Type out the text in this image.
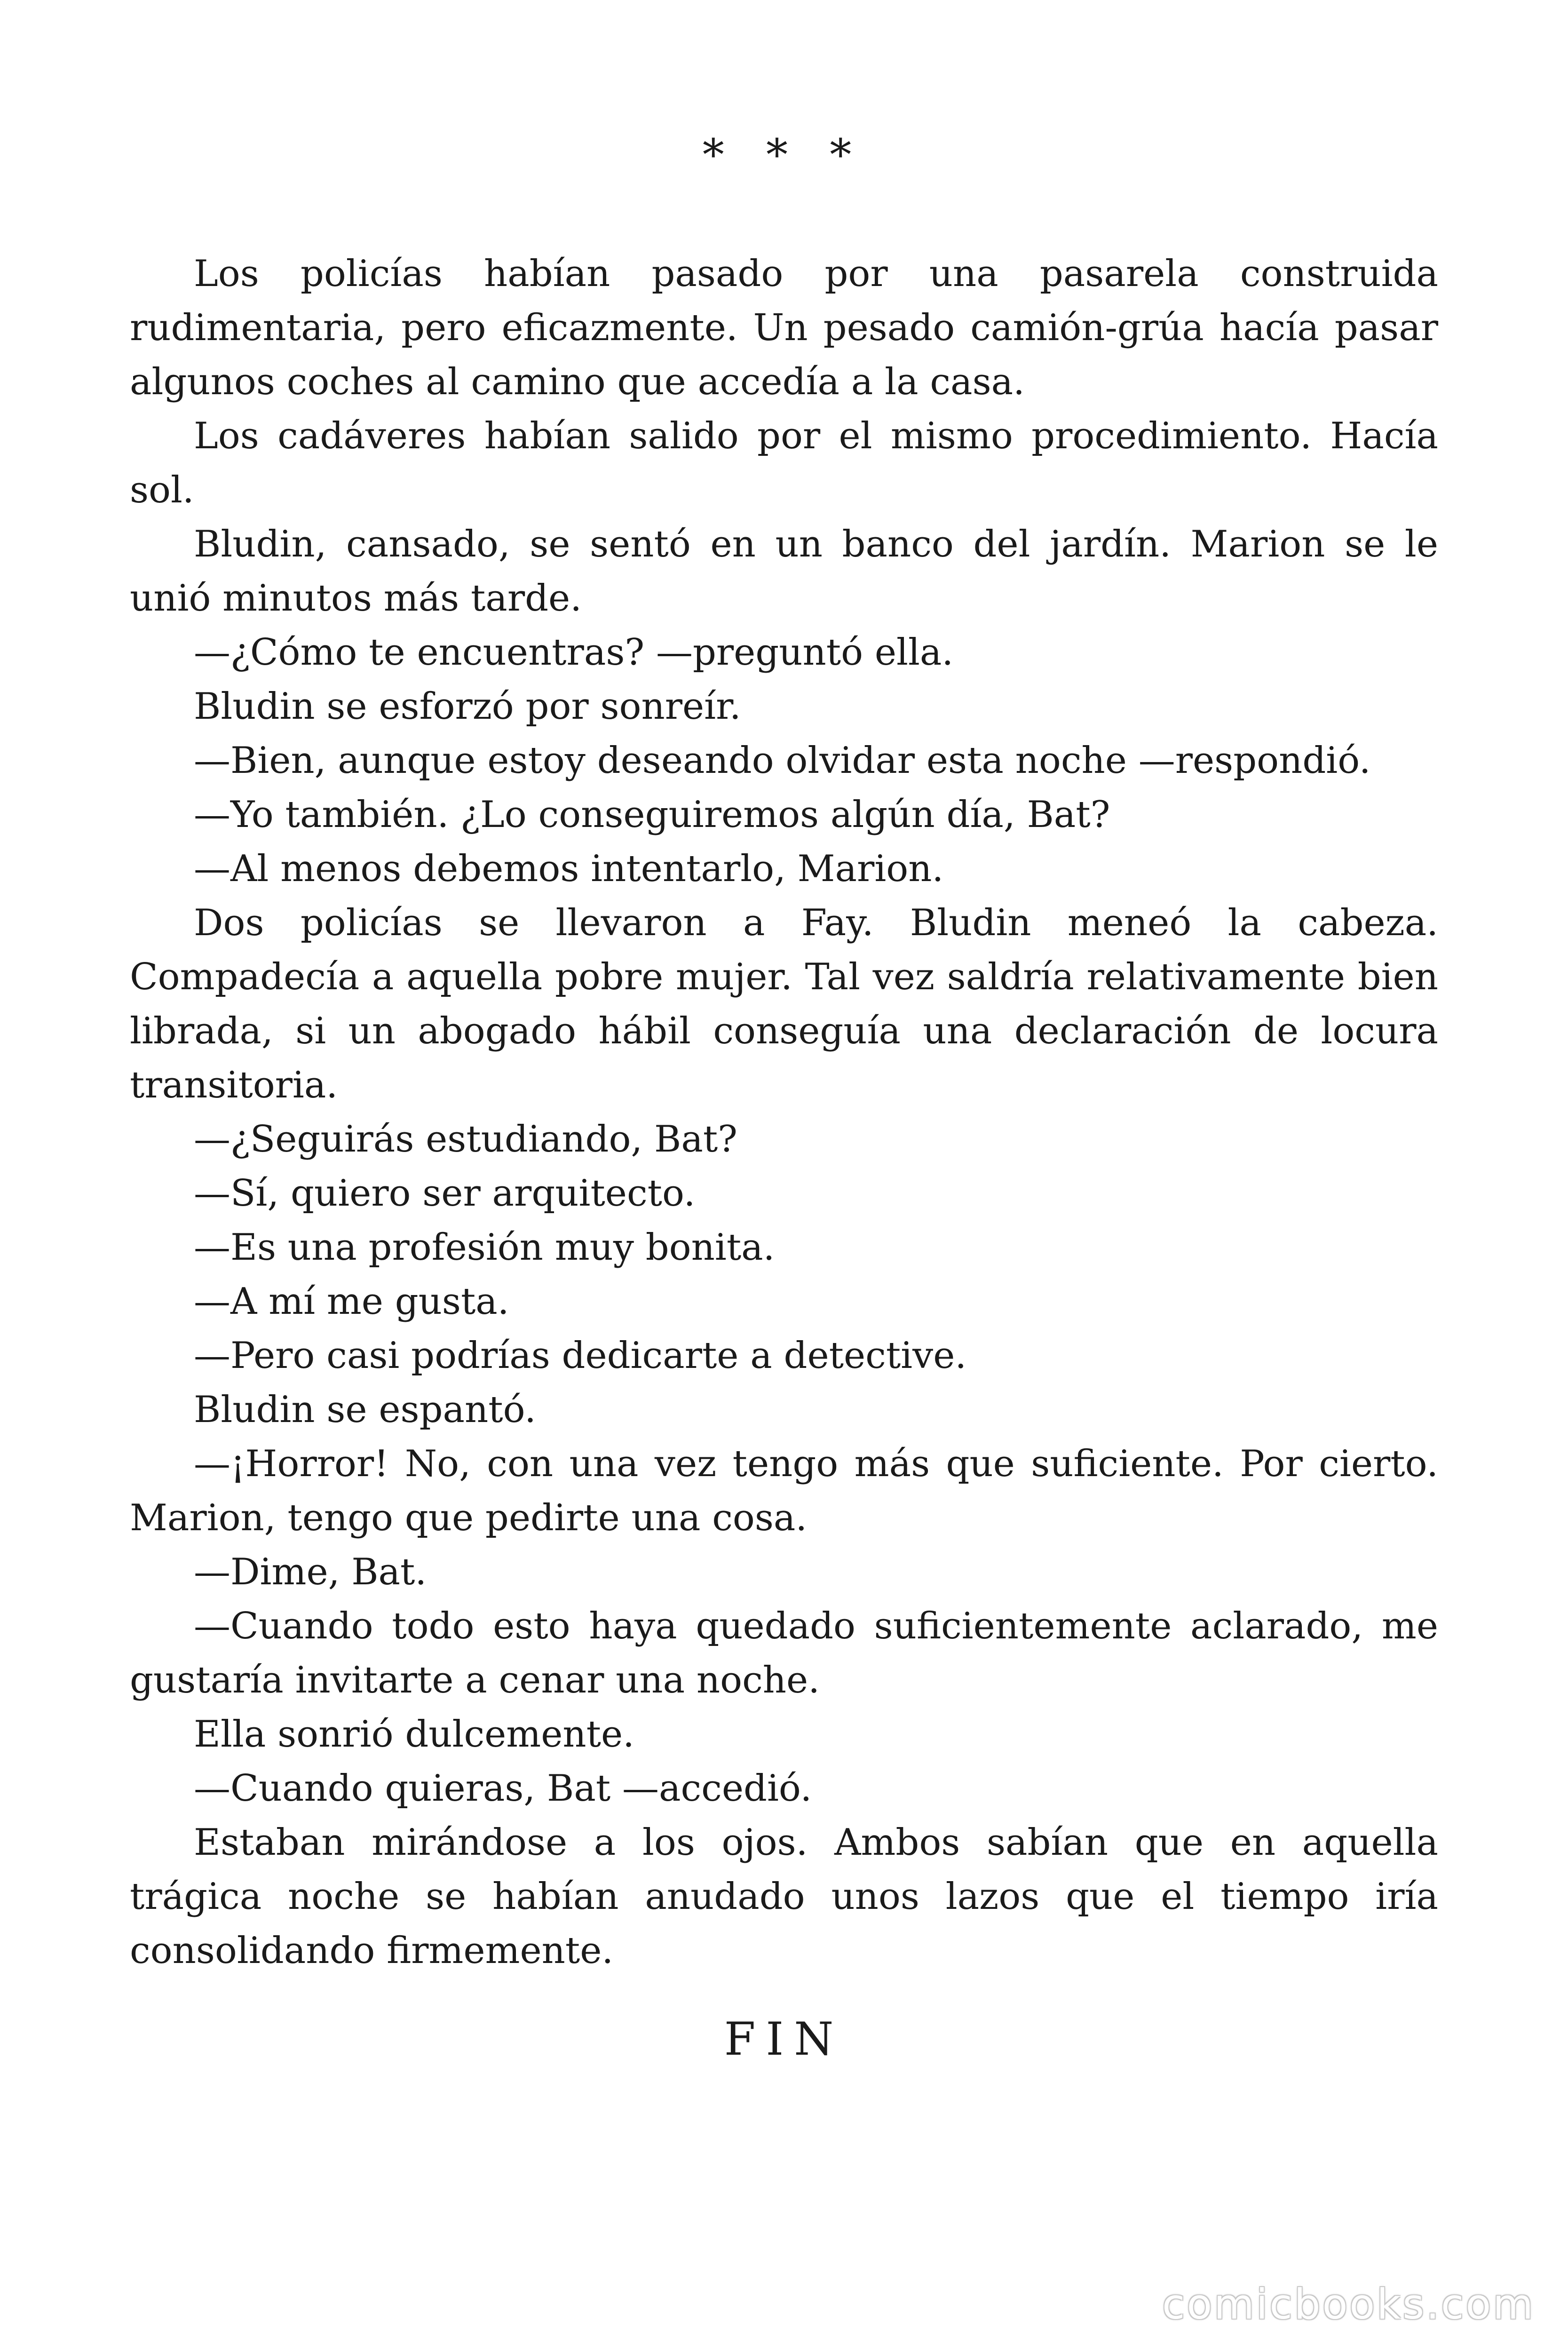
* * *

Los policías habían pasado por una pasarela construida rudimentaria, pero eficazmente. Un pesado camión-grúa hacía pasar algunos coches al camino que accedía a la casa.

Los cadáveres habían salido por el mismo procedimiento. Hacía sol.

Bludin, cansado, se sentó en un banco del jardín. Marion se le unió minutos más tarde.

—¿Cómo te encuentras? —preguntó ella.

Bludin se esforzó por sonreír.

—Bien, aunque estoy deseando olvidar esta noche —respondió.

—Yo también. ¿Lo conseguiremos algún día, Bat?

—Al menos debemos intentarlo, Marion.

Dos policías se llevaron a Fay. Bludin meneó la cabeza. Compadecía a aquella pobre mujer. Tal vez saldría relativamente bien librada, si un abogado hábil conseguía una declaración de locura transitoria.

—¿Seguirás estudiando, Bat?

—Sí, quiero ser arquitecto.

—Es una profesión muy bonita.

—A mí me gusta.

—Pero casi podrías dedicarte a detective.

Bludin se espantó.

—¡Horror! No, con una vez tengo más que suficiente. Por cierto. Marion, tengo que pedirte una cosa.

—Dime, Bat.

—Cuando todo esto haya quedado suficientemente aclarado, me gustaría invitarte a cenar una noche.

Ella sonrió dulcemente.

—Cuando quieras, Bat —accedió.

Estaban mirándose a los ojos. Ambos sabían que en aquella trágica noche se habían anudado unos lazos que el tiempo iría consolidando firmemente.

FIN
comicbooks.com
